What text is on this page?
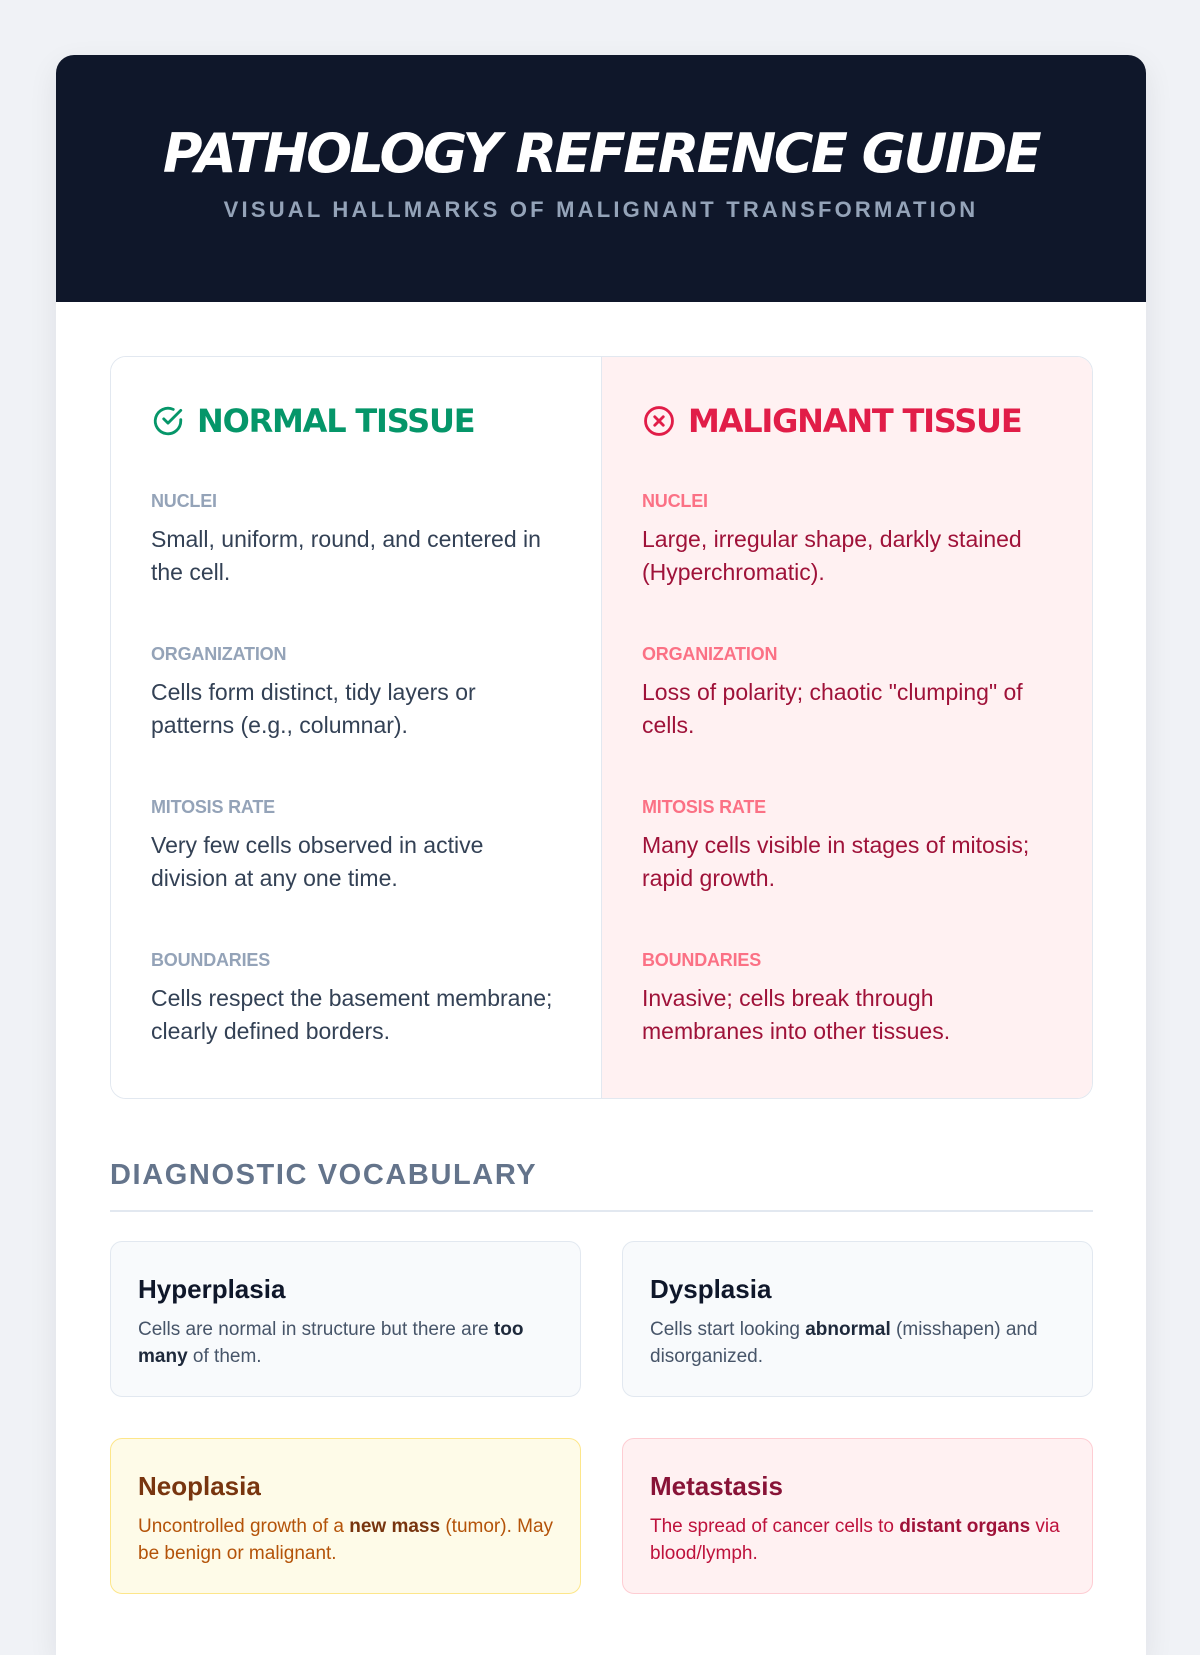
PATHOLOGY REFERENCE GUIDE
VISUAL HALLMARKS OF MALIGNANT TRANSFORMATION
NORMAL TISSUE
NUCLEI
Small, uniform, round, and centered in the cell.
ORGANIZATION
Cells form distinct, tidy layers or patterns (e.g., columnar).
MITOSIS RATE
Very few cells observed in active division at any one time.
BOUNDARIES
Cells respect the basement membrane; clearly defined borders.
MALIGNANT TISSUE
NUCLEI
Large, irregular shape, darkly stained (Hyperchromatic).
ORGANIZATION
Loss of polarity; chaotic "clumping" of cells.
MITOSIS RATE
Many cells visible in stages of mitosis; rapid growth.
BOUNDARIES
Invasive; cells break through membranes into other tissues.
DIAGNOSTIC VOCABULARY
Hyperplasia
Cells are normal in structure but there are too many of them.
Dysplasia
Cells start looking abnormal (misshapen) and disorganized.
Neoplasia
Uncontrolled growth of a new mass (tumor). May be benign or malignant.
Metastasis
The spread of cancer cells to distant organs via blood/lymph.
